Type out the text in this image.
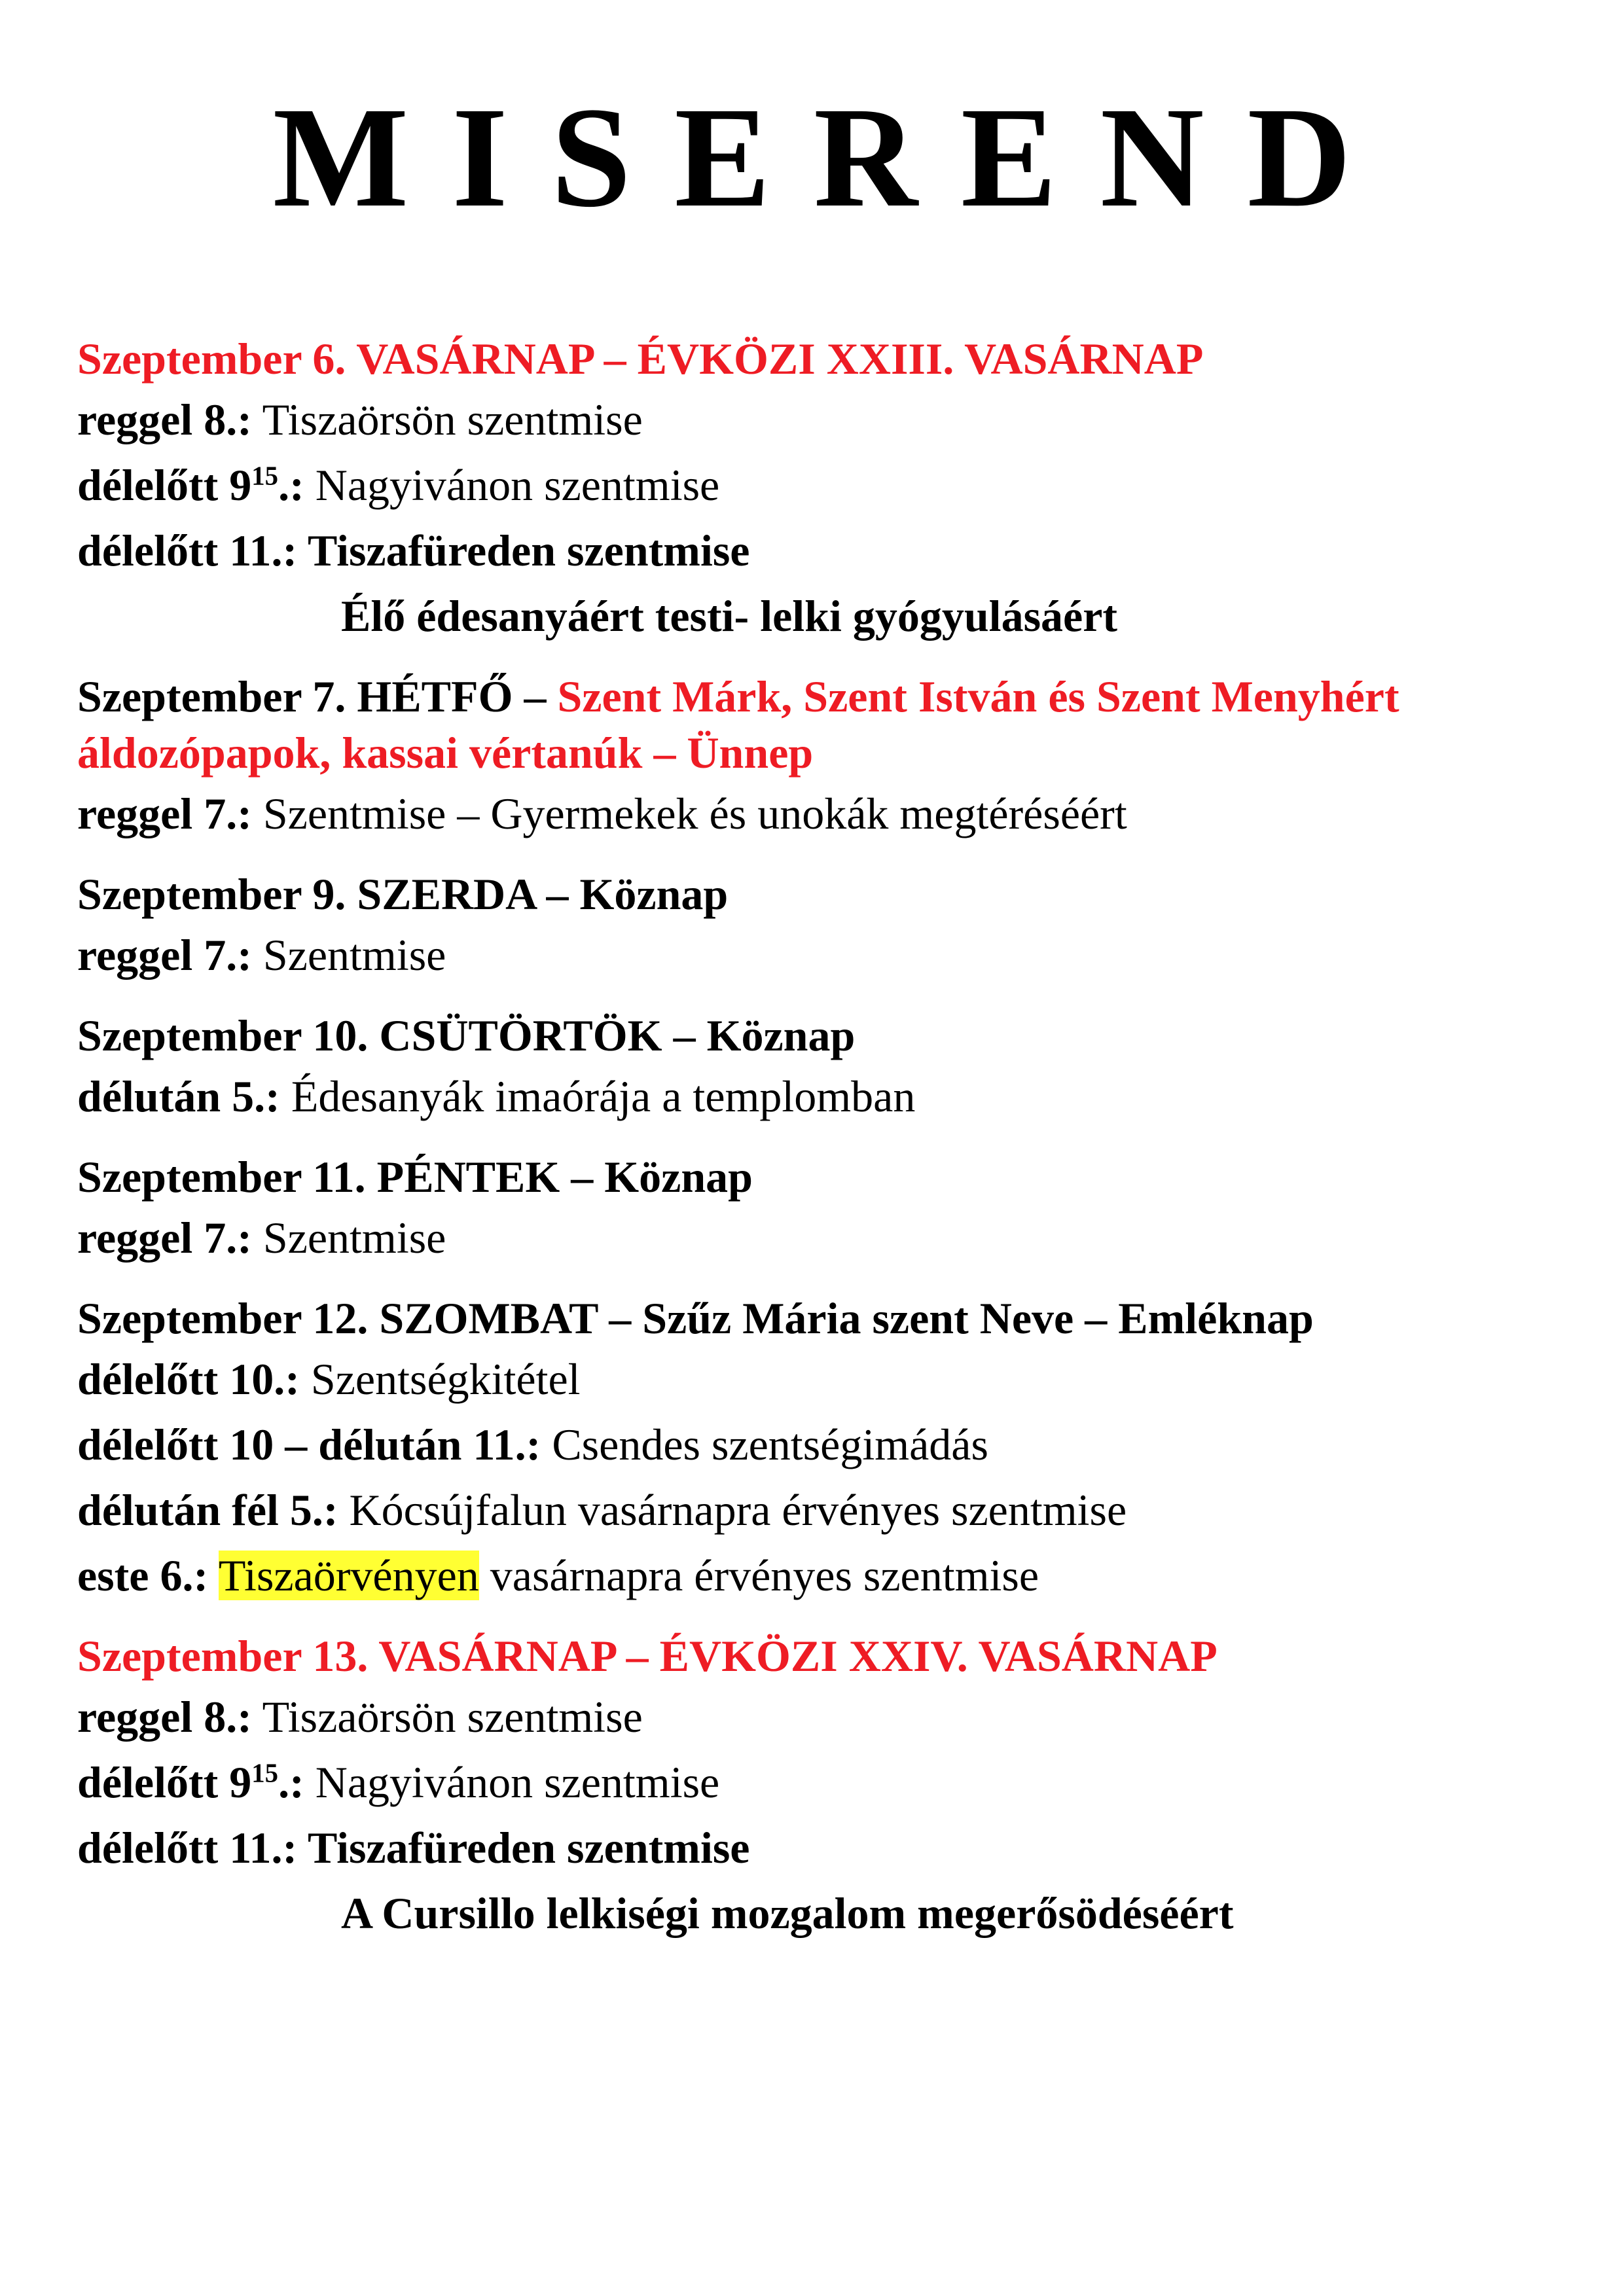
MISEREND
Szeptember 6. VASÁRNAP – ÉVKÖZI XXIII. VASÁRNAP
reggel 8.: Tiszaörsön szentmise
délelőtt $9^{15}$.: Nagyivánon szentmise
délelőtt 11.: Tiszafüreden szentmise
Élő édesanyáért testi- lelki gyógyulásáért
Szeptember 7. HÉTFŐ – Szent Márk, Szent István és Szent Menyhért
áldozópapok, kassai vértanúk – Ünnep
reggel 7.: Szentmise – Gyermekek és unokák megtéréséért
Szeptember 9. SZERDA – Köznap
reggel 7.: Szentmise
Szeptember 10. CSÜTÖRTÖK – Köznap
délután 5.: Édesanyák imaórája a templomban
Szeptember 11. PÉNTEK – Köznap
reggel 7.: Szentmise
Szeptember 12. SZOMBAT – Szűz Mária szent Neve – Emléknap
délelőtt 10.: Szentségkitétel
délelőtt 10 – délután 11.: Csendes szentségimádás
délután fél 5.: Kócsújfalun vasárnapra érvényes szentmise
este 6.: Tiszaörvényen vasárnapra érvényes szentmise
Szeptember 13. VASÁRNAP – ÉVKÖZI XXIV. VASÁRNAP
reggel 8.: Tiszaörsön szentmise
délelőtt $9^{15}$.: Nagyivánon szentmise
délelőtt 11.: Tiszafüreden szentmise
A Cursillo lelkiségi mozgalom megerősödéséért
